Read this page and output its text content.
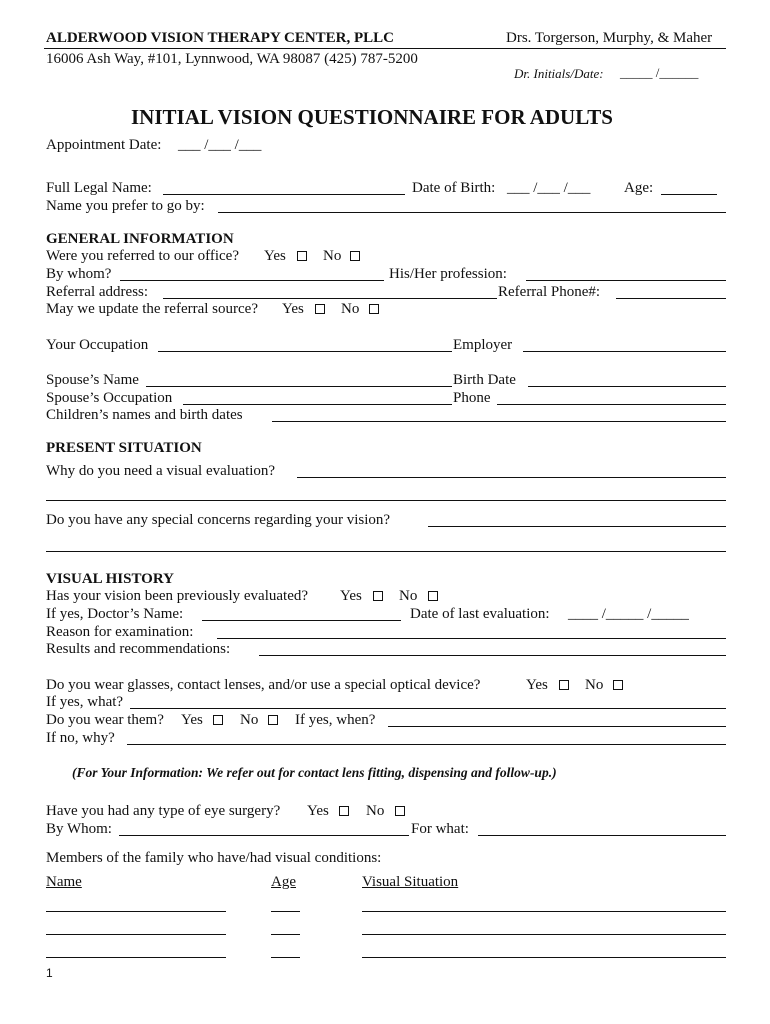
ALDERWOOD VISION THERAPY CENTER, PLLC	Drs. Torgerson, Murphy, & Maher
16006 Ash Way, #101, Lynnwood, WA 98087 (425) 787-5200
Dr. Initials/Date: _____ /______
INITIAL VISION QUESTIONNAIRE FOR ADULTS
Appointment Date: ___ /___ /___
Full Legal Name:	Date of Birth: ___ /___ /___ Age:
Name you prefer to go by:
GENERAL INFORMATION
Were you referred to our office? Yes No
By whom?	His/Her profession:
Referral address:	Referral Phone#:
May we update the referral source? Yes No
Your Occupation	Employer
Spouse’s Name	Birth Date
Spouse’s Occupation	Phone
Children’s names and birth dates
PRESENT SITUATION
Why do you need a visual evaluation?
Do you have any special concerns regarding your vision?
VISUAL HISTORY
Has your vision been previously evaluated? Yes No
If yes, Doctor’s Name:	Date of last evaluation: ____ /_____ /_____
Reason for examination:
Results and recommendations:
Do you wear glasses, contact lenses, and/or use a special optical device?	Yes No
If yes, what?
Do you wear them? Yes No If yes, when?
If no, why?
(For Your Information: We refer out for contact lens fitting, dispensing and follow-up.)
Have you had any type of eye surgery? Yes No
By Whom:	For what:
Members of the family who have/had visual conditions:
Name	Age	Visual Situation
1
